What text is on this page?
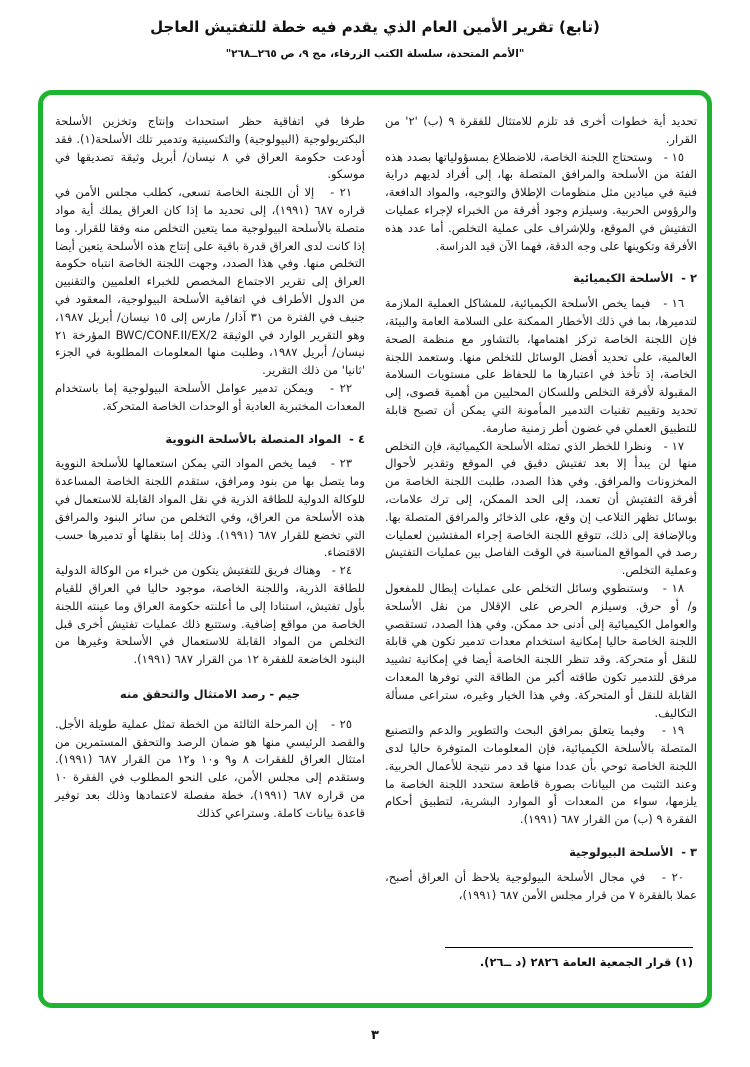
(تابع) تقرير الأمين العام الذي يقدم فيه خطة للتفتيش العاجل
"الأمم المتحدة، سلسلة الكتب الزرقاء، مج ٩، ص ٢٦٥ــ٢٦٨"
تحديد أية خطوات أخرى قد تلزم للامتثال للفقرة ٩ (ب) '٢' من القرار.
١٥ -   وستحتاج اللجنة الخاصة، للاضطلاع بمسؤولياتها بصدد هذه الفئة من الأسلحة والمرافق المتصلة بها، إلى أفراد لديهم دراية فنية في ميادين مثل منظومات الإطلاق والتوجيه، والمواد الدافعة، والرؤوس الحربية. وسيلزم وجود أفرقة من الخبراء لإجراء عمليات التفتيش في الموقع، وللإشراف على عملية التخلص. أما عدد هذه الأفرقة وتكوينها على وجه الدقة، فهما الآن قيد الدراسة.
٢ -  الأسلحة الكيميائية
١٦ -   فيما يخص الأسلحة الكيميائية، للمشاكل العملية الملازمة لتدميرها، بما في ذلك الأخطار الممكنة على السلامة العامة والبيئة، فإن اللجنة الخاصة تركز اهتمامها، بالتشاور مع منظمة الصحة العالمية، على تحديد أفضل الوسائل للتخلص منها. وستعمد اللجنة الخاصة، إذ تأخذ في اعتبارها ما للحفاظ على مستويات السلامة المقبولة لأفرقة التخلص وللسكان المحليين من أهمية قصوى، إلى تحديد وتقييم تقنيات التدمير المأمونة التي يمكن أن تصبح قابلة للتطبيق العملي في غضون أطر زمنية صارمة.
١٧ -   ونظرا للخطر الذي تمثله الأسلحة الكيميائية، فإن التخلص منها لن يبدأ إلا بعد تفتيش دقيق في الموقع وتقدير لأحوال المخزونات والمرافق. وفي هذا الصدد، طلبت اللجنة الخاصة من أفرقة التفتيش أن تعمد، إلى الحد الممكن، إلى ترك علامات، بوسائل تظهر التلاعب إن وقع، على الذخائر والمرافق المتصلة بها. وبالإضافة إلى ذلك، تتوقع اللجنة الخاصة إجراء المفتشين لعمليات رصد في المواقع المناسبة في الوقت الفاصل بين عمليات التفتيش وعملية التخلص.
١٨ -   وستنطوي وسائل التخلص على عمليات إبطال للمفعول و/ أو حرق. وسيلزم الحرص على الإقلال من نقل الأسلحة والعوامل الكيميائية إلى أدنى حد ممكن. وفي هذا الصدد، تستقصي اللجنة الخاصة حاليا إمكانية استخدام معدات تدمير تكون هي قابلة للنقل أو متحركة. وقد تنظر اللجنة الخاصة أيضا في إمكانية تشييد مرفق للتدمير تكون طاقته أكبر من الطاقة التي توفرها المعدات القابلة للنقل أو المتحركة. وفي هذا الخيار وغيره، ستراعى مسألة التكاليف.
١٩ -   وفيما يتعلق بمرافق البحث والتطوير والدعم والتصنيع المتصلة بالأسلحة الكيميائية، فإن المعلومات المتوفرة حاليا لدى اللجنة الخاصة توحي بأن عددا منها قد دمر نتيجة للأعمال الحربية. وعند التثبت من البيانات بصورة قاطعة ستحدد اللجنة الخاصة ما يلزمها، سواء من المعدات أو الموارد البشرية، لتطبيق أحكام الفقرة ٩ (ب) من القرار ٦٨٧ (١٩٩١).
٣ -  الأسلحة البيولوجية
٢٠ -   في مجال الأسلحة البيولوجية يلاحظ أن العراق أصبح، عملا بالفقرة ٧ من قرار مجلس الأمن ٦٨٧ (١٩٩١)،
طرفا في اتفاقية حظر استحداث وإنتاج وتخزين الأسلحة البكتريولوجية (البيولوجية) والتكسينية وتدمير تلك الأسلحة(١). فقد أودعت حكومة العراق في ٨ نيسان/ أبريل وثيقة تصديقها في موسكو.
٢١ -   إلا أن اللجنة الخاصة تسعى، كطلب مجلس الأمن في قراره ٦٨٧ (١٩٩١)، إلى تحديد ما إذا كان العراق يملك أية مواد متصلة بالأسلحة البيولوجية مما يتعين التخلص منه وفقا للقرار. وما إذا كانت لدى العراق قدرة باقية على إنتاج هذه الأسلحة يتعين أيضا التخلص منها. وفي هذا الصدد، وجهت اللجنة الخاصة انتباه حكومة العراق إلى تقرير الاجتماع المخصص للخبراء العلميين والتقنيين من الدول الأطراف في اتفاقية الأسلحة البيولوجية، المعقود في جنيف في الفترة من ٣١ آذار/ مارس إلى ١٥ نيسان/ أبريل ١٩٨٧، وهو التقرير الوارد في الوثيقة BWC/CONF.II/EX/2 المؤرخة ٢١ نيسان/ أبريل ١٩٨٧، وطلبت منها المعلومات المطلوبة في الجزء 'ثانيا' من ذلك التقرير.
٢٢ -   ويمكن تدمير عوامل الأسلحة البيولوجية إما باستخدام المعدات المختبرية العادية أو الوحدات الخاصة المتحركة.
٤ -  المواد المتصلة بالأسلحة النووية
٢٣ -   فيما يخص المواد التي يمكن استعمالها للأسلحة النووية وما يتصل بها من بنود ومرافق، ستقدم اللجنة الخاصة المساعدة للوكالة الدولية للطاقة الذرية في نقل المواد القابلة للاستعمال في هذه الأسلحة من العراق، وفي التخلص من سائر البنود والمرافق التي تخضع للقرار ٦٨٧ (١٩٩١). وذلك إما بنقلها أو تدميرها حسب الاقتضاء.
٢٤ -   وهناك فريق للتفتيش يتكون من خبراء من الوكالة الدولية للطاقة الذرية، واللجنة الخاصة، موجود حاليا في العراق للقيام بأول تفتيش، استنادا إلى ما أعلنته حكومة العراق وما عينته اللجنة الخاصة من مواقع إضافية. وستتبع ذلك عمليات تفتيش أخرى قبل التخلص من المواد القابلة للاستعمال في الأسلحة وغيرها من البنود الخاضعة للفقرة ١٢ من القرار ٦٨٧ (١٩٩١).
جيم - رصد الامتثال والتحقق منه
٢٥ -   إن المرحلة الثالثة من الخطة تمثل عملية طويلة الأجل. والقصد الرئيسي منها هو ضمان الرصد والتحقق المستمرين من امتثال العراق للفقرات ٨ و٩ و١٠ و١٢ من القرار ٦٨٧ (١٩٩١). وستقدم إلى مجلس الأمن، على النحو المطلوب في الفقرة ١٠ من قراره ٦٨٧ (١٩٩١)، خطة مفصلة لاعتمادها وذلك بعد توفير قاعدة بيانات كاملة. وستراعي كذلك
(١) قرار الجمعية العامة ٢٨٢٦ (د ــ٢٦).
٣
